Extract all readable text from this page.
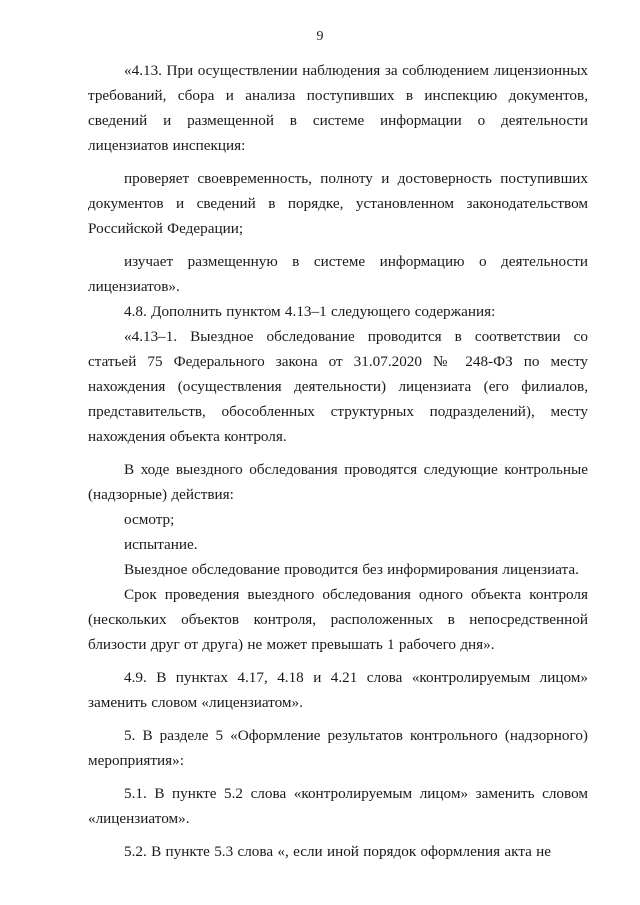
9

«4.13. При осуществлении наблюдения за соблюдением лицензионных требований, сбора и анализа поступивших в инспекцию документов, сведений и размещенной в системе информации о деятельности лицензиатов инспекция:

проверяет своевременность, полноту и достоверность поступивших документов и сведений в порядке, установленном законодательством Российской Федерации;

изучает размещенную в системе информацию о деятельности лицензиатов».

4.8. Дополнить пунктом 4.13–1 следующего содержания:

«4.13–1. Выездное обследование проводится в соответствии со статьей 75 Федерального закона от 31.07.2020 № 248-ФЗ по месту нахождения (осуществления деятельности) лицензиата (его филиалов, представительств, обособленных структурных подразделений), месту нахождения объекта контроля.

В ходе выездного обследования проводятся следующие контрольные (надзорные) действия:

осмотр;

испытание.

Выездное обследование проводится без информирования лицензиата.

Срок проведения выездного обследования одного объекта контроля (нескольких объектов контроля, расположенных в непосредственной близости друг от друга) не может превышать 1 рабочего дня».

4.9. В пунктах 4.17, 4.18 и 4.21 слова «контролируемым лицом» заменить словом «лицензиатом».

5. В разделе 5 «Оформление результатов контрольного (надзорного) мероприятия»:

5.1. В пункте 5.2 слова «контролируемым лицом» заменить словом «лицензиатом».

5.2. В пункте 5.3 слова «, если иной порядок оформления акта не
